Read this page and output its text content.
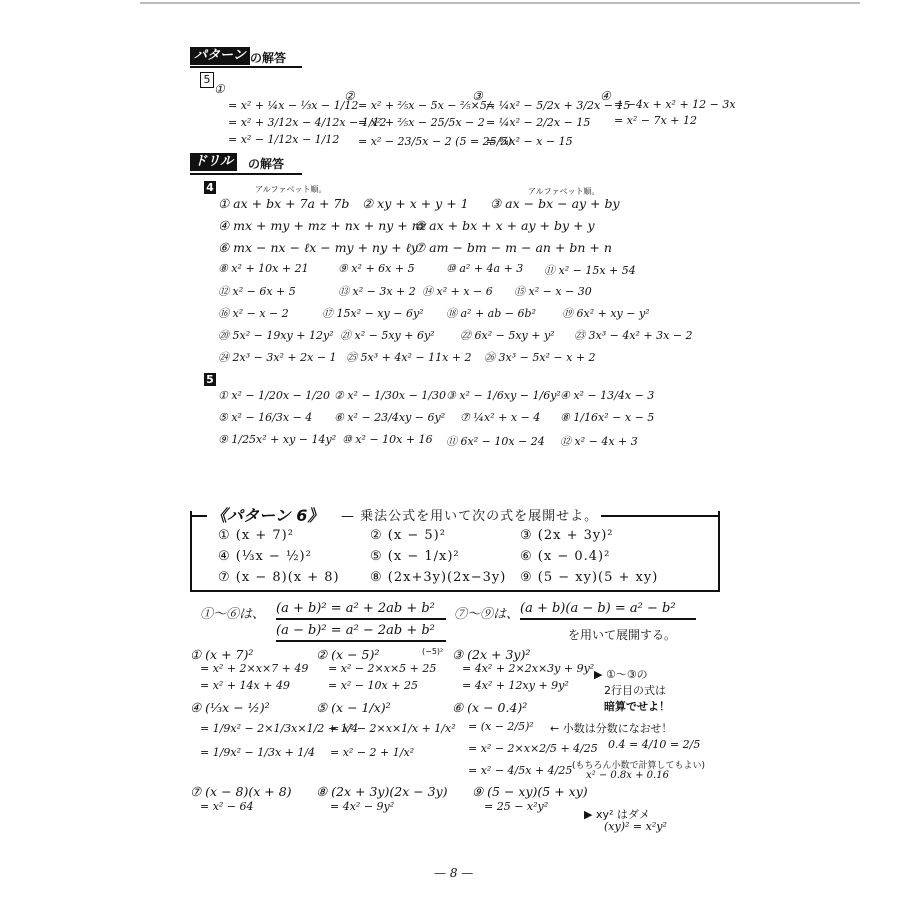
パターン の解答
5
①
= x² + ¼x − ⅓x − 1/12
= x² + 3/12x − 4/12x − 1/12
= x² − 1/12x − 1/12
②
= x² + ⅖x − 5x − ⅖×5/ₓ
= x² + ⅖x − 25/5x − 2
= x² − 23/5x − 2 (5 = 25/5)
③
= ¼x² − 5/2x + 3/2x − 15
= ¼x² − 2/2x − 15
= ¼x² − x − 15
④
= −4x + x² + 12 − 3x
= x² − 7x + 12
ドリル	の解答
4	アルファベット順。	アルファベット順。
① ax + bx + 7a + 7b ② xy + x + y + 1 ③ ax − bx − ay + by
④ mx + my + mz + nx + ny + nz
⑤ ax + bx + x + ay + by + y
⑥ mx − nx − ℓx − my + ny + ℓy
⑦ am − bm − m − an + bn + n
⑧ x² + 10x + 21	⑨ x² + 6x + 5	⑩ a² + 4a + 3 ⑪ x² − 15x + 54
⑫ x² − 6x + 5	⑬ x² − 3x + 2 ⑭ x² + x − 6 ⑮ x² − x − 30
⑯ x² − x − 2	⑰ 15x² − xy − 6y² ⑱ a² + ab − 6b² ⑲ 6x² + xy − y²
⑳ 5x² − 19xy + 12y² ㉑ x² − 5xy + 6y² ㉒ 6x² − 5xy + y² ㉓ 3x³ − 4x² + 3x − 2
㉔ 2x³ − 3x² + 2x − 1 ㉕ 5x³ + 4x² − 11x + 2 ㉖ 3x³ − 5x² − x + 2
5
① x² − 1/20x − 1/20 ② x² − 1/30x − 1/30 ③ x² − 1/6xy − 1/6y² ④ x² − 13/4x − 3
⑤ x² − 16/3x − 4 ⑥ x² − 23/4xy − 6y² ⑦ ¼x² + x − 4 ⑧ 1/16x² − x − 5
⑨ 1/25x² + xy − 14y² ⑩ x² − 10x + 16 ⑪ 6x² − 10x − 24 ⑫ x² − 4x + 3
《パターン 6》	— 乗法公式を用いて次の式を展開せよ。
① (x + 7)²	② (x − 5)²	③ (2x + 3y)²
④ (⅓x − ½)²	⑤ (x − 1/x)²	⑥ (x − 0.4)²
⑦ (x − 8)(x + 8) ⑧ (2x+3y)(2x−3y) ⑨ (5 − xy)(5 + xy)
①〜⑥は、 (a + b)² = a² + 2ab + b²
(a − b)² = a² − 2ab + b²
⑦〜⑨は、 (a + b)(a − b) = a² − b²
を用いて展開する。
① (x + 7)²
= x² + 2×x×7 + 49
= x² + 14x + 49
② (x − 5)²	(−5)²
= x² − 2×x×5 + 25
= x² − 10x + 25
③ (2x + 3y)²
= 4x² + 2×2x×3y + 9y²
= 4x² + 12xy + 9y²
▶ ①〜③の
2行目の式は
暗算でせよ！
④ (⅓x − ½)²
= 1/9x² − 2×1/3x×1/2 + 1/4
= 1/9x² − 1/3x + 1/4
⑤ (x − 1/x)²
= x² − 2×x×1/x + 1/x²
= x² − 2 + 1/x²
⑥ (x − 0.4)²
= (x − 2/5)² ← 小数は分数になおせ！
0.4 = 4/10 = 2/5
= x² − 2×x×2/5 + 4/25
= x² − 4/5x + 4/25 (もちろん小数で計算してもよい)
x² − 0.8x + 0.16
⑦ (x − 8)(x + 8)
= x² − 64
⑧ (2x + 3y)(2x − 3y)
= 4x² − 9y²
⑨ (5 − xy)(5 + xy)
= 25 − x²y²
▶ xy² はダメ
(xy)² = x²y²
— 8 —
